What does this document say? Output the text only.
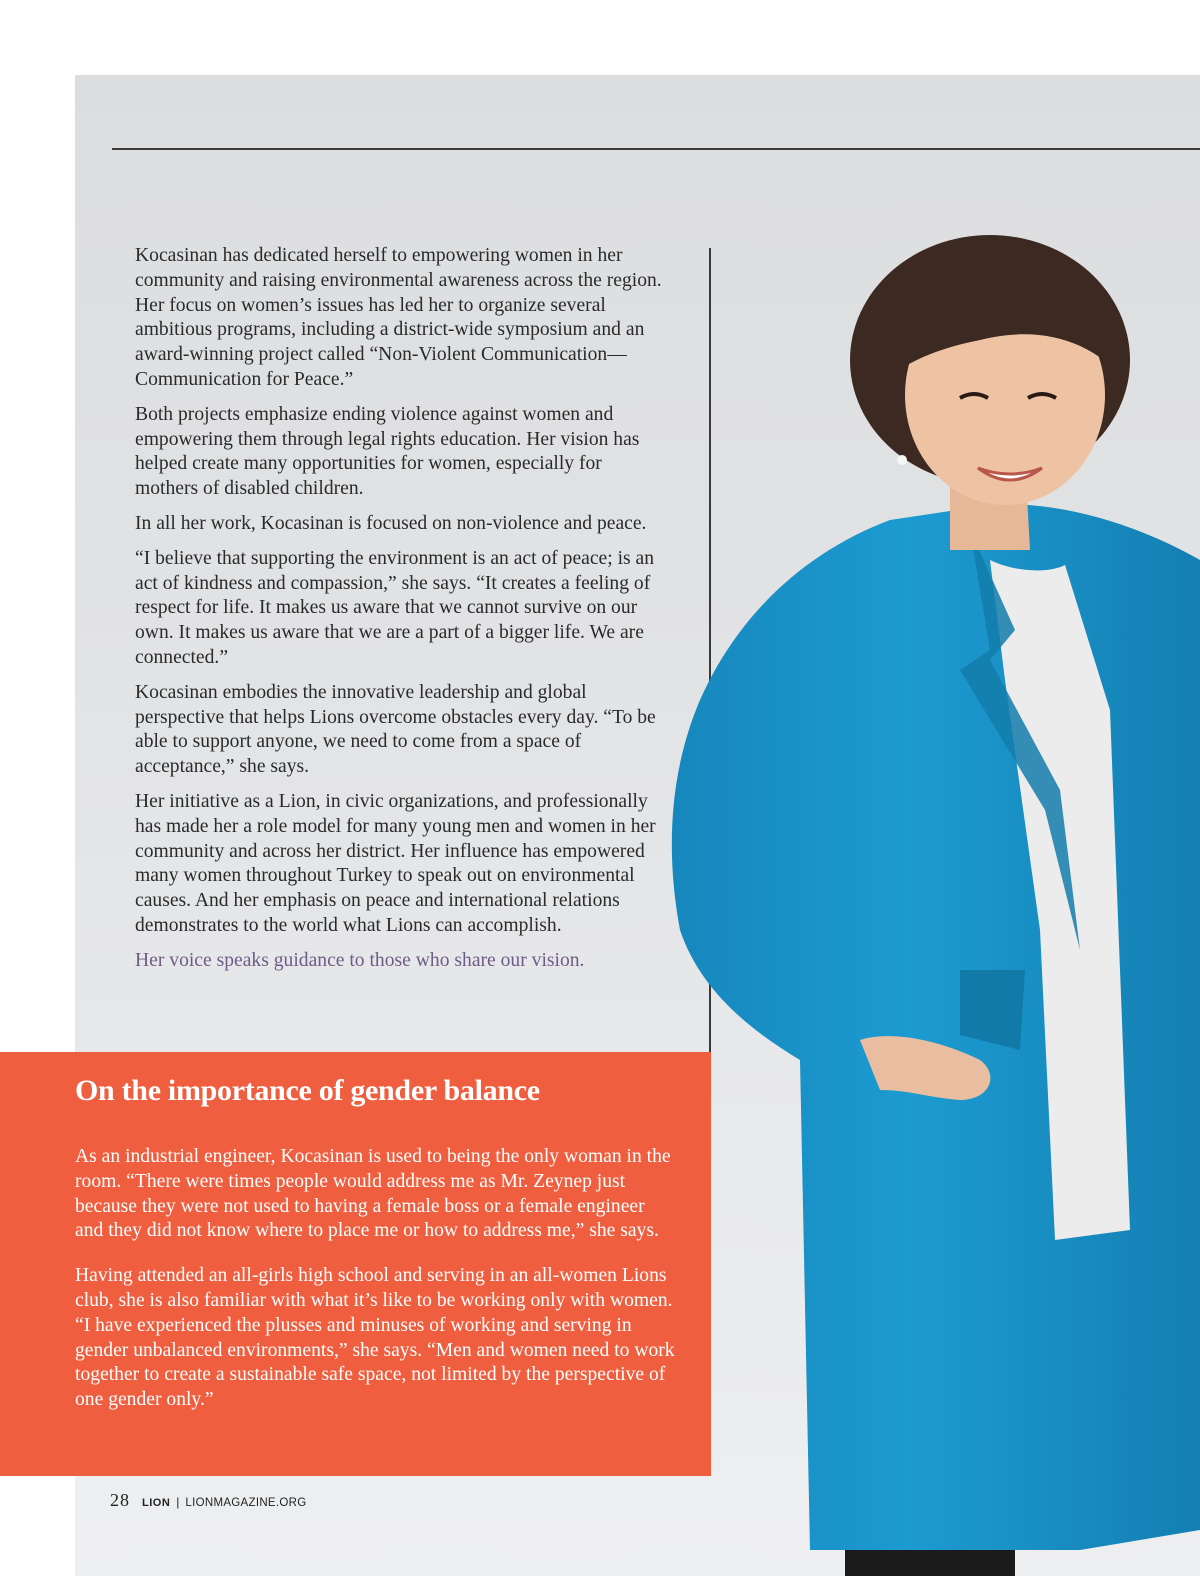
Kocasinan has dedicated herself to empowering women in her community and raising environmental awareness across the region. Her focus on women’s issues has led her to organize several ambitious programs, including a district-wide symposium and an award-winning project called “Non-Violent Communication—Communication for Peace.”

Both projects emphasize ending violence against women and empowering them through legal rights education. Her vision has helped create many opportunities for women, especially for mothers of disabled children.

In all her work, Kocasinan is focused on non-violence and peace.

“I believe that supporting the environment is an act of peace; is an act of kindness and compassion,” she says. “It creates a feeling of respect for life. It makes us aware that we cannot survive on our own. It makes us aware that we are a part of a bigger life. We are connected.”

Kocasinan embodies the innovative leadership and global perspective that helps Lions overcome obstacles every day. “To be able to support anyone, we need to come from a space of acceptance,” she says.

Her initiative as a Lion, in civic organizations, and professionally has made her a role model for many young men and women in her community and across her district. Her influence has empowered many women throughout Turkey to speak out on environmental causes. And her emphasis on peace and international relations demonstrates to the world what Lions can accomplish.

Her voice speaks guidance to those who share our vision.

On the importance of gender balance

As an industrial engineer, Kocasinan is used to being the only woman in the room. “There were times people would address me as Mr. Zeynep just because they were not used to having a female boss or a female engineer and they did not know where to place me or how to address me,” she says.

Having attended an all-girls high school and serving in an all-women Lions club, she is also familiar with what it’s like to be working only with women. “I have experienced the plusses and minuses of working and serving in gender unbalanced environments,” she says. “Men and women need to work together to create a sustainable safe space, not limited by the perspective of one gender only.”

28 LION | LIONMAGAZINE.ORG
